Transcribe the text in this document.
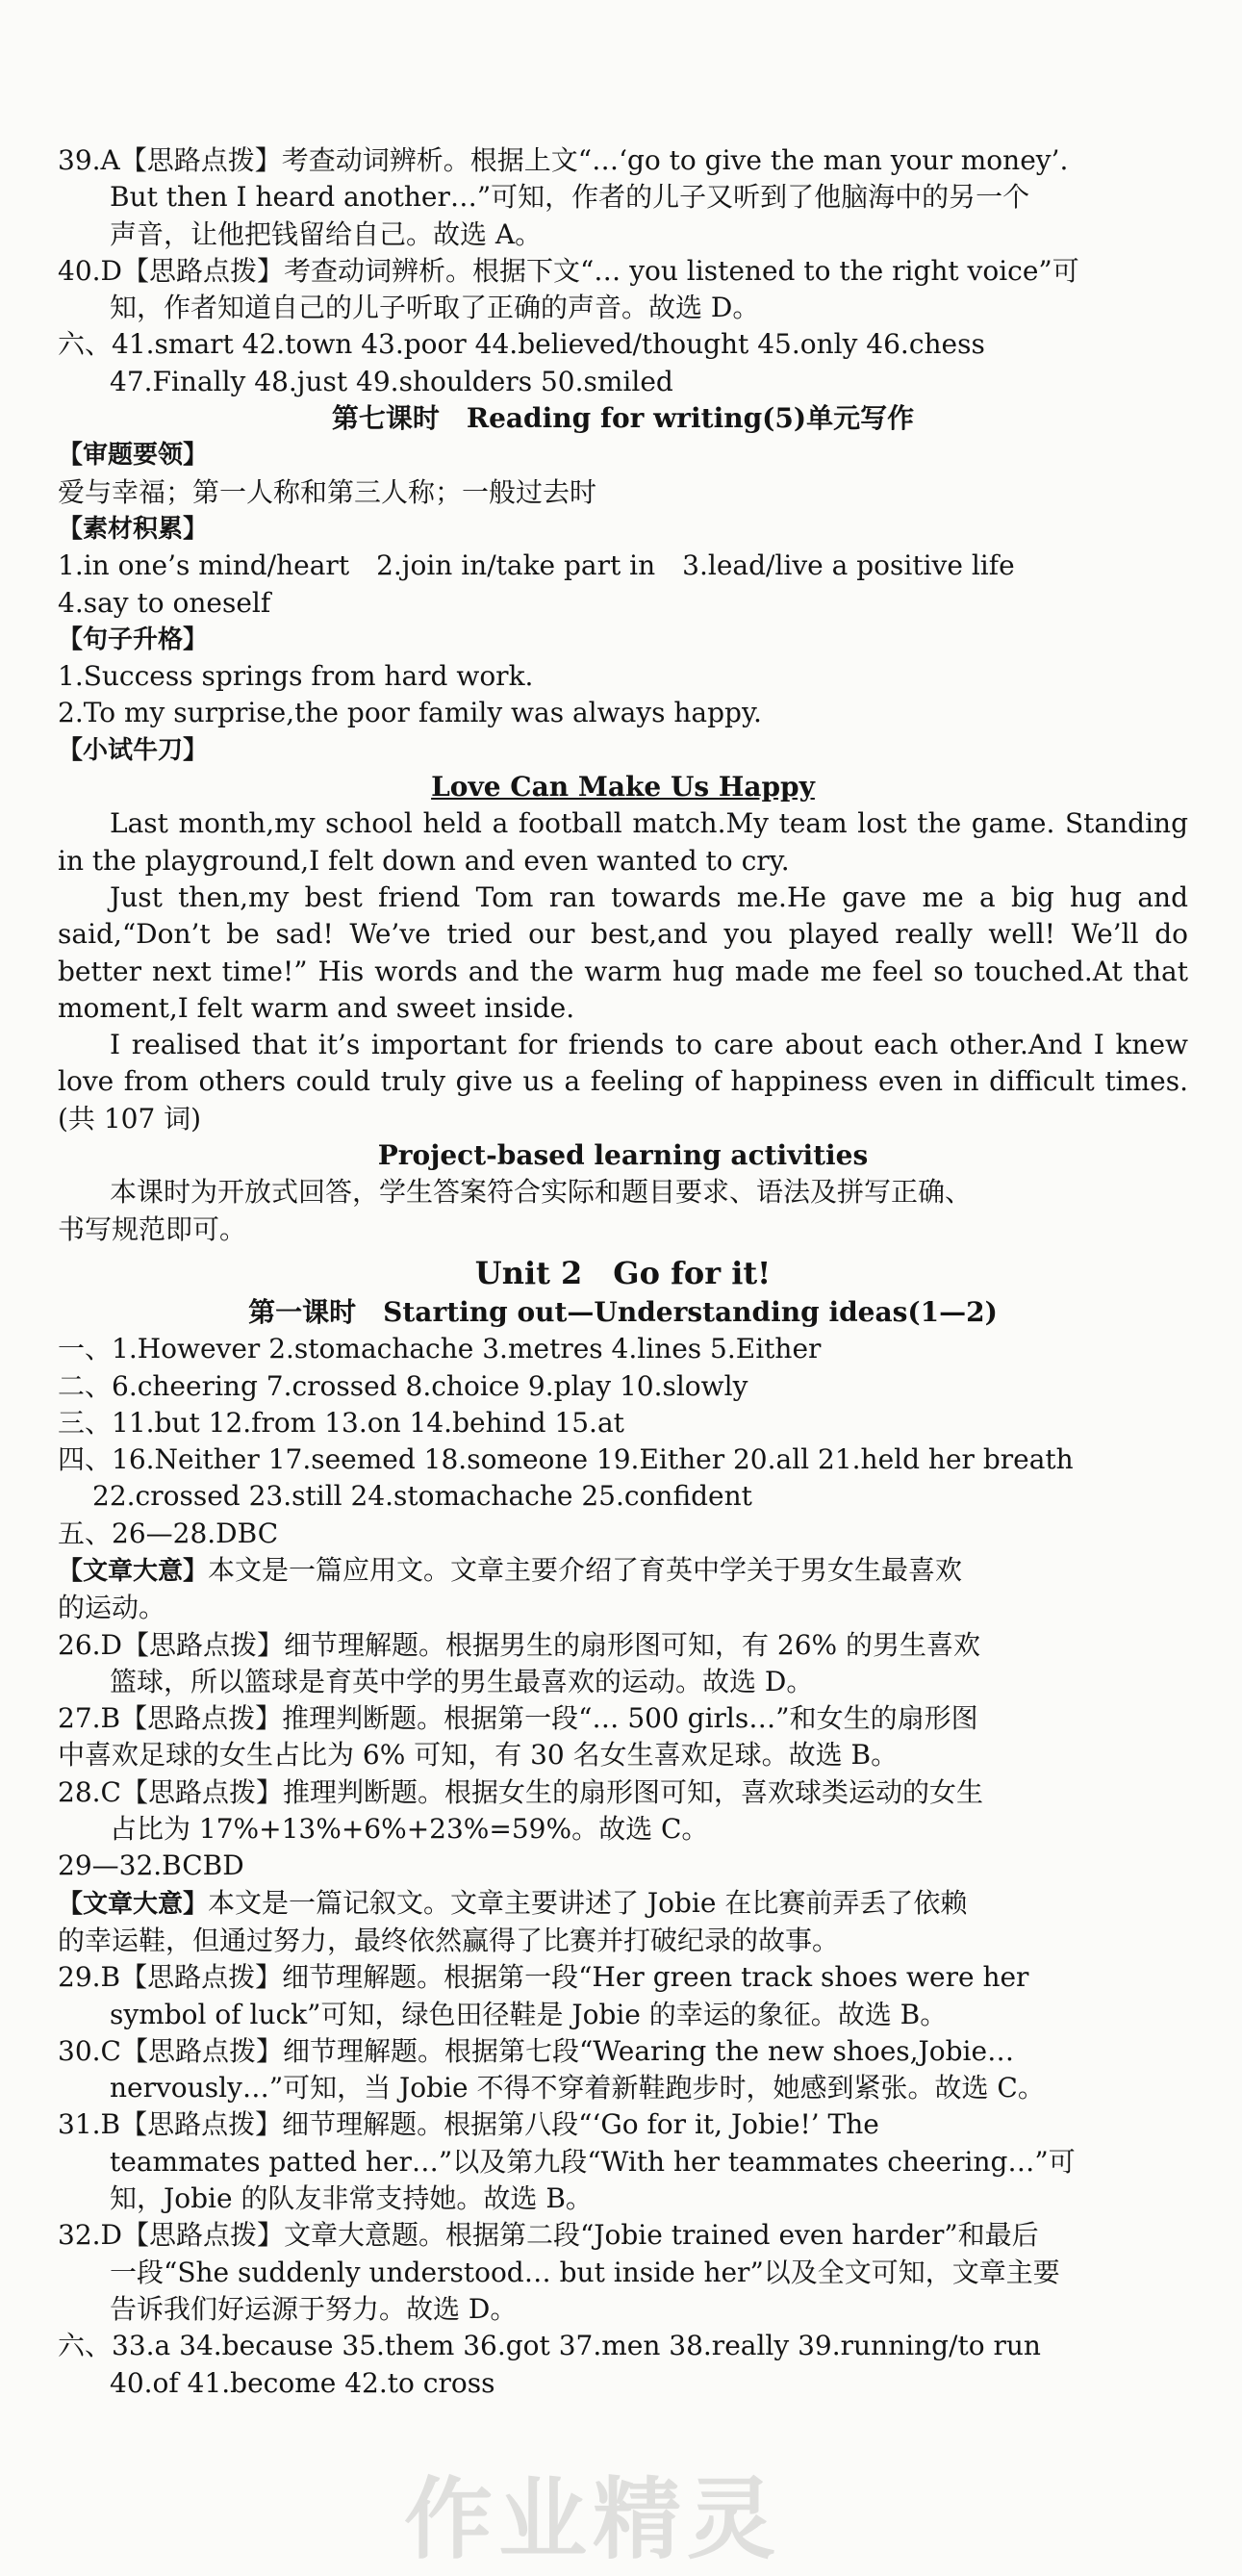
39.A【思路点拨】考查动词辨析。根据上文“…‘go to give the man your money’.

But then I heard another…”可知，作者的儿子又听到了他脑海中的另一个

声音，让他把钱留给自己。故选 A。

40.D【思路点拨】考查动词辨析。根据下文“… you listened to the right voice”可

知，作者知道自己的儿子听取了正确的声音。故选 D。

六、41.smart 42.town 43.poor 44.believed/thought 45.only 46.chess

47.Finally 48.just 49.shoulders 50.smiled

第七课时　Reading for writing(5)单元写作

【审题要领】

爱与幸福；第一人称和第三人称；一般过去时

【素材积累】

1.in one’s mind/heart　2.join in/take part in　3.lead/live a positive life

4.say to oneself

【句子升格】

1.Success springs from hard work.

2.To my surprise,the poor family was always happy.

【小试牛刀】

Love Can Make Us Happy

Last month,my school held a football match.My team lost the game. Standing in the playground,I felt down and even wanted to cry.

Just then,my best friend Tom ran towards me.He gave me a big hug and said,“Don’t be sad! We’ve tried our best,and you played really well! We’ll do better next time!” His words and the warm hug made me feel so touched.At that moment,I felt warm and sweet inside.

I realised that it’s important for friends to care about each other.And I knew love from others could truly give us a feeling of happiness even in difficult times.(共 107 词)

Project-based learning activities

本课时为开放式回答，学生答案符合实际和题目要求、语法及拼写正确、

书写规范即可。

Unit 2　Go for it!

第一课时　Starting out—Understanding ideas(1—2)

一、1.However 2.stomachache 3.metres 4.lines 5.Either

二、6.cheering 7.crossed 8.choice 9.play 10.slowly

三、11.but 12.from 13.on 14.behind 15.at

四、16.Neither 17.seemed 18.someone 19.Either 20.all 21.held her breath

22.crossed 23.still 24.stomachache 25.confident

五、26—28.DBC

【文章大意】本文是一篇应用文。文章主要介绍了育英中学关于男女生最喜欢

的运动。

26.D【思路点拨】细节理解题。根据男生的扇形图可知，有 26% 的男生喜欢

篮球，所以篮球是育英中学的男生最喜欢的运动。故选 D。

27.B【思路点拨】推理判断题。根据第一段“… 500 girls…”和女生的扇形图

中喜欢足球的女生占比为 6% 可知，有 30 名女生喜欢足球。故选 B。

28.C【思路点拨】推理判断题。根据女生的扇形图可知，喜欢球类运动的女生

占比为 17%+13%+6%+23%=59%。故选 C。

29—32.BCBD

【文章大意】本文是一篇记叙文。文章主要讲述了 Jobie 在比赛前弄丢了依赖

的幸运鞋，但通过努力，最终依然赢得了比赛并打破纪录的故事。

29.B【思路点拨】细节理解题。根据第一段“Her green track shoes were her

symbol of luck”可知，绿色田径鞋是 Jobie 的幸运的象征。故选 B。

30.C【思路点拨】细节理解题。根据第七段“Wearing the new shoes,Jobie…

nervously…”可知，当 Jobie 不得不穿着新鞋跑步时，她感到紧张。故选 C。

31.B【思路点拨】细节理解题。根据第八段“‘Go for it, Jobie!’ The

teammates patted her…”以及第九段“With her teammates cheering…”可

知，Jobie 的队友非常支持她。故选 B。

32.D【思路点拨】文章大意题。根据第二段“Jobie trained even harder”和最后

一段“She suddenly understood… but inside her”以及全文可知，文章主要

告诉我们好运源于努力。故选 D。

六、33.a 34.because 35.them 36.got 37.men 38.really 39.running/to run

40.of 41.become 42.to cross

作业精灵
